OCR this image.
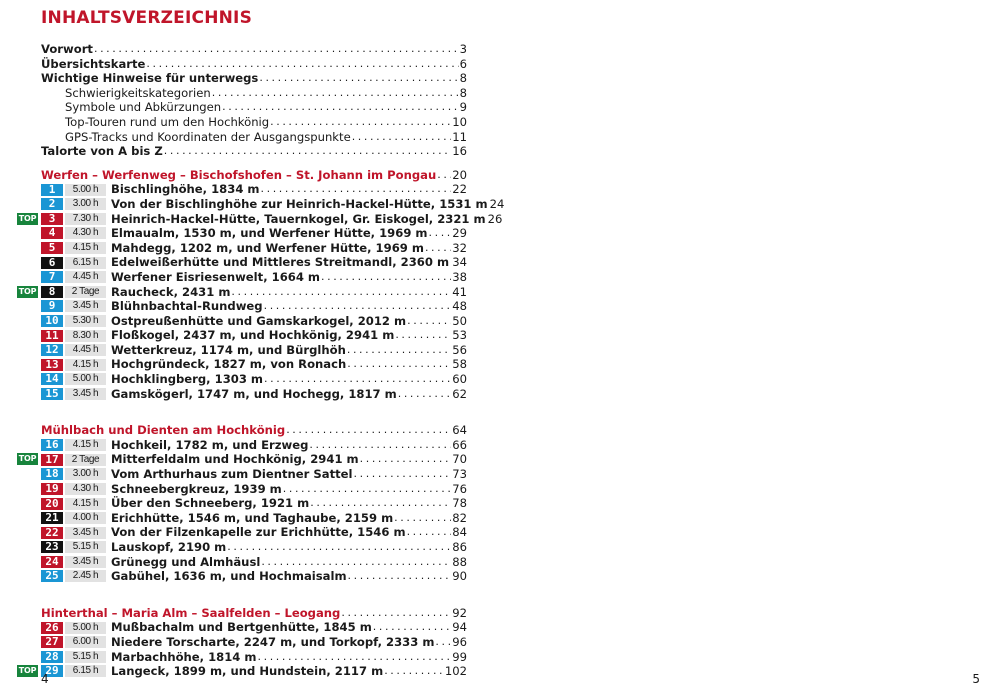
INHALTSVERZEICHNIS
Vorwort .....	3
Übersichtskarte .....	6
Wichtige Hinweise für unterwegs .....	8
Schwierigkeitskategorien .....	8
Symbole und Abkürzungen .....	9
Top-Touren rund um den Hochkönig .....	10
GPS-Tracks und Koordinaten der Ausgangspunkte .....	11
Talorte von A bis Z .....	16
Werfen – Werfenweg – Bischofshofen – St. Johann im Pongau ..... 20
1	5.00 h	Bischlinghöhe, 1834 m .....	22
2	3.00 h	Von der Bischlinghöhe zur Heinrich-Hackel-Hütte, 1531 m 24
TOP	3	7.30 h	Heinrich-Hackel-Hütte, Tauernkogel, Gr. Eiskogel, 2321 m 26
4	4.30 h	Elmaualm, 1530 m, und Werfener Hütte, 1969 m ..... 29
5	4.15 h	Mahdegg, 1202 m, und Werfener Hütte, 1969 m ..... 32
6	6.15 h	Edelweißerhütte und Mittleres Streitmandl, 2360 m ..... 34
7	4.45 h	Werfener Eisriesenwelt, 1664 m .....	38
TOP	8	2 Tage	Raucheck, 2431 m .....	41
9	3.45 h	Blühnbachtal-Rundweg .....	48
10	5.30 h	Ostpreußenhütte und Gamskarkogel, 2012 m .....	50
11	8.30 h	Floßkogel, 2437 m, und Hochkönig, 2941 m .....	53
12	4.45 h	Wetterkreuz, 1174 m, und Bürglhöh .....	56
13	4.15 h	Hochgründeck, 1827 m, von Ronach .....	58
14	5.00 h	Hochklingberg, 1303 m .....	60
15	3.45 h	Gamskögerl, 1747 m, und Hochegg, 1817 m .....	62
Mühlbach und Dienten am Hochkönig .....	64
16	4.15 h	Hochkeil, 1782 m, und Erzweg .....	66
TOP 17	2 Tage	Mitterfeldalm und Hochkönig, 2941 m .....	70
18	3.00 h	Vom Arthurhaus zum Dientner Sattel .....	73
19	4.30 h	Schneebergkreuz, 1939 m .....	76
20	4.15 h	Über den Schneeberg, 1921 m .....	78
21	4.00 h	Erichhütte, 1546 m, und Taghaube, 2159 m .....	82
22	3.45 h	Von der Filzenkapelle zur Erichhütte, 1546 m .....	84
23	5.15 h	Lauskopf, 2190 m .....	86
24	3.45 h	Grünegg und Almhäusl .....	88
25	2.45 h	Gabühel, 1636 m, und Hochmaisalm .....	90
Hinterthal – Maria Alm – Saalfelden – Leogang .....	92
26	5.00 h	Mußbachalm und Bertgenhütte, 1845 m .....	94
27	6.00 h	Niedere Torscharte, 2247 m, und Torkopf, 2333 m ..... 96
28	5.15 h	Marbachhöhe, 1814 m .....	99
TOP 29	6.15 h	Langeck, 1899 m, und Hundstein, 2117 m .....	102
4	5
